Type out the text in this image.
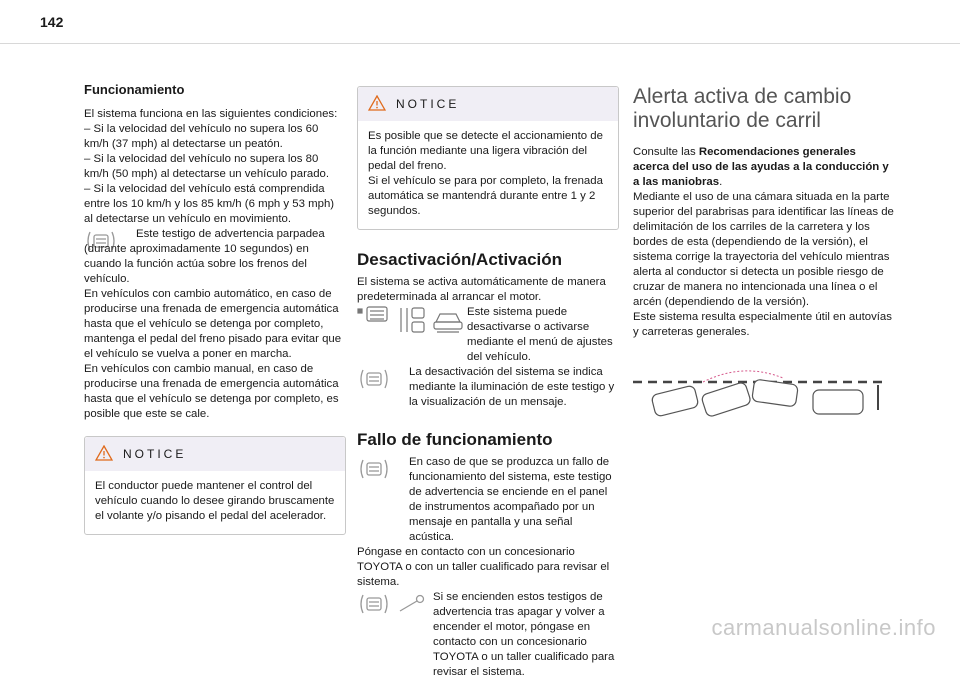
142

Funcionamiento

El sistema funciona en las siguientes condiciones:

– Si la velocidad del vehículo no supera los 60 km/h (37 mph) al detectarse un peatón.

– Si la velocidad del vehículo no supera los 80 km/h (50 mph) al detectarse un vehículo parado.

– Si la velocidad del vehículo está comprendida entre los 10 km/h y los 85 km/h (6 mph y 53 mph) al detectarse un vehículo en movimiento.

Este testigo de advertencia parpadea (durante aproximadamente 10 segundos) en cuando la función actúa sobre los frenos del vehículo.

En vehículos con cambio automático, en caso de producirse una frenada de emergencia automática hasta que el vehículo se detenga por completo, mantenga el pedal del freno pisado para evitar que el vehículo se vuelva a poner en marcha.

En vehículos con cambio manual, en caso de producirse una frenada de emergencia automática hasta que el vehículo se detenga por completo, es posible que este se cale.

NOTICE

El conductor puede mantener el control del vehículo cuando lo desee girando bruscamente el volante y/o pisando el pedal del acelerador.

NOTICE

Es posible que se detecte el accionamiento de la función mediante una ligera vibración del pedal del freno.

Si el vehículo se para por completo, la frenada automática se mantendrá durante entre 1 y 2 segundos.

Desactivación/Activación

El sistema se activa automáticamente de manera predeterminada al arrancar el motor.

Este sistema puede desactivarse o activarse mediante el menú de ajustes del vehículo.

La desactivación del sistema se indica mediante la iluminación de este testigo y la visualización de un mensaje.

Fallo de funcionamiento

En caso de que se produzca un fallo de funcionamiento del sistema, este testigo de advertencia se enciende en el panel de instrumentos acompañado por un mensaje en pantalla y una señal acústica.

Póngase en contacto con un concesionario TOYOTA o con un taller cualificado para revisar el sistema.

Si se encienden estos testigos de advertencia tras apagar y volver a encender el motor, póngase en contacto con un concesionario TOYOTA o un taller cualificado para revisar el sistema.

Alerta activa de cambio involuntario de carril

Consulte las Recomendaciones generales acerca del uso de las ayudas a la conducción y a las maniobras.

Mediante el uso de una cámara situada en la parte superior del parabrisas para identificar las líneas de delimitación de los carriles de la carretera y los bordes de esta (dependiendo de la versión), el sistema corrige la trayectoria del vehículo mientras alerta al conductor si detecta un posible riesgo de cruzar de manera no intencionada una línea o el arcén (dependiendo de la versión).

Este sistema resulta especialmente útil en autovías y carreteras generales.

carmanualsonline.info
